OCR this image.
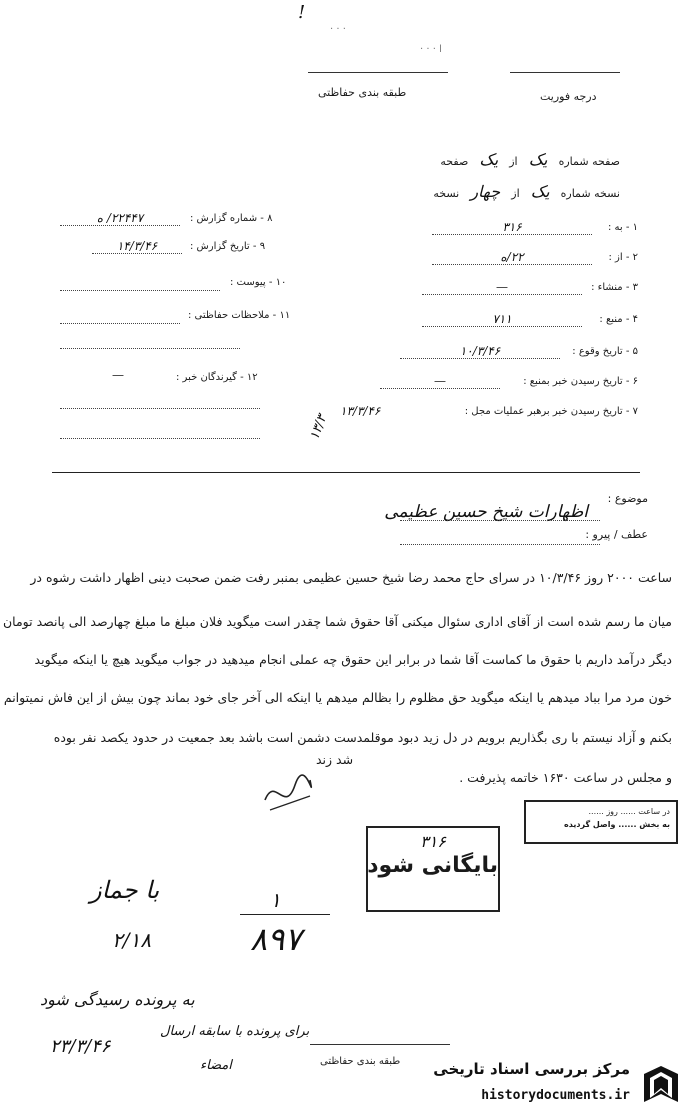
!
· · ·
ا · · ·
طبقه بندی حفاظتی	درجه فوریت
صفحه شماره یک از یک صفحه
نسخه شماره یک از چهار نسخه
۱ - به :
۳۱۶
۲ - از :
۲۲/ه
۳ - منشاء :
—
۴ - منبع :
۷۱۱
۵ - تاریخ وقوع :
۱۰/۳/۴۶
۶ - تاریخ رسیدن خبر بمنبع :
—
۷ - تاریخ رسیدن خبر برهبر عملیات مجل :
۱۳/۳/۴۶
۸ - شماره گزارش :
۲۲۴۴۷/ ه
۹ - تاریخ گزارش :
۱۴/۳/۴۶
۱۰ - پیوست :
۱۱ - ملاحظات حفاظتی :
۱۲ - گیرندگان خبر :
—
۱۳/۳
موضوع :
اظهارات شیخ حسین عظیمی
عطف / پیرو :
ساعت ۲۰۰۰ روز ۱۰/۳/۴۶ در سرای حاج محمد رضا شیخ حسین عظیمی بمنبر رفت ضمن صحبت دینی اظهار داشت رشوه در
میان ما رسم شده است از آقای اداری سئوال میکنی آقا حقوق شما چقدر است میگوید فلان مبلغ ما مبلغ چهارصد الی پانصد تومان
دیگر درآمد داریم با حقوق ما کماست آقا شما در برابر این حقوق چه عملی انجام میدهید در جواب میگوید هیچ یا اینکه میگوید
خون مرد مرا بباد میدهم یا اینکه میگوید حق مظلوم را بظالم میدهم یا اینکه الی آخر جای خود بماند چون بیش از این فاش نمیتوانم
بکنم و آزاد نیستم با ری بگذاریم برویم در دل زید دبود موقلمدست دشمن است باشد بعد جمعیت در حدود یکصد نفر بوده
و مجلس در ساعت ۱۶۳۰ خاتمه پذیرفت .
شد زند
در ساعت ...... روز ......
به بخش ...... واصل گردیده
۳۱۶
بایگانی شود
با جماز
۲/۱۸
۱
۸۹۷
به پرونده رسیدگی شود
برای پرونده با سابقه ارسال
امضاء
۲۳/۳/۴۶
طبقه بندی حفاظتی مرکز بررسی اسناد تاریخی
historydocuments.ir
